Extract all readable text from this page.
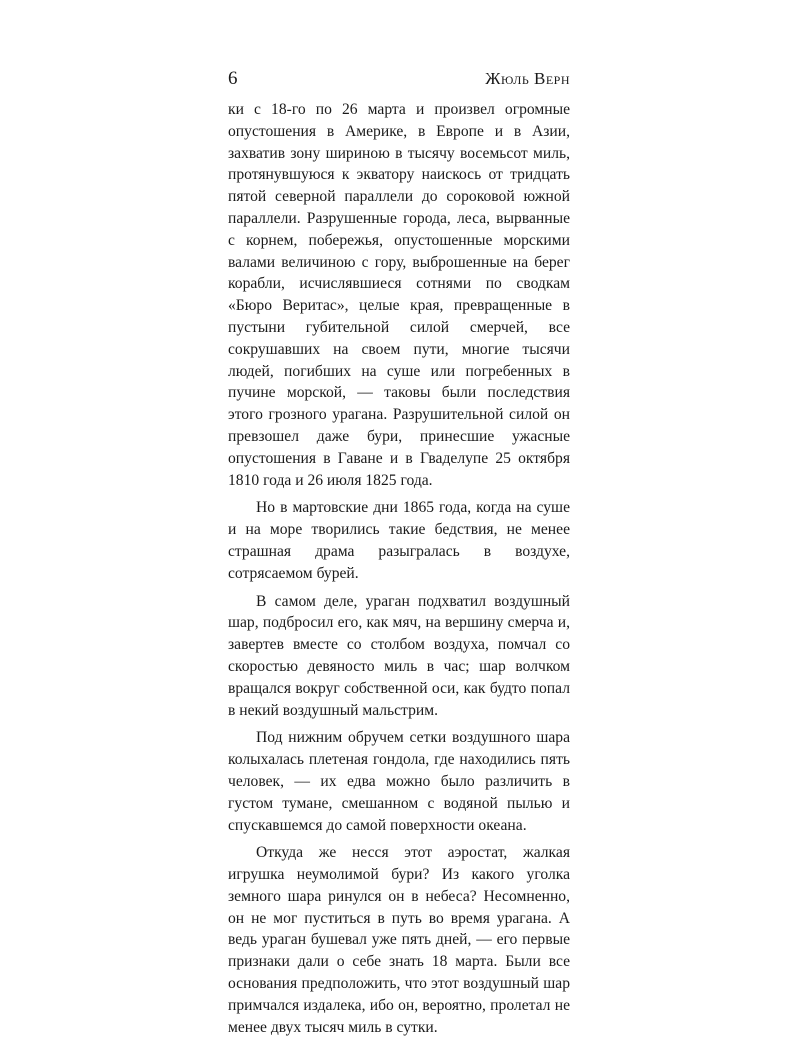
6	Жюль Верн

ки с 18-го по 26 марта и произвел огромные опустошения в Америке, в Европе и в Азии, захватив зону шириною в тысячу восемьсот миль, протянувшуюся к экватору наискось от тридцать пятой северной параллели до сороковой южной параллели. Разрушенные города, леса, вырванные с корнем, побережья, опустошенные морскими валами величиною с гору, выброшенные на берег корабли, исчислявшиеся сотнями по сводкам «Бюро Веритас», целые края, превращенные в пустыни губительной силой смерчей, все сокрушавших на своем пути, многие тысячи людей, погибших на суше или погребенных в пучине морской, — таковы были последствия этого грозного урагана. Разрушительной силой он превзошел даже бури, принесшие ужасные опустошения в Гаване и в Гваделупе 25 октября 1810 года и 26 июля 1825 года.

Но в мартовские дни 1865 года, когда на суше и на море творились такие бедствия, не менее страшная драма разыгралась в воздухе, сотрясаемом бурей.

В самом деле, ураган подхватил воздушный шар, подбросил его, как мяч, на вершину смерча и, завертев вместе со столбом воздуха, помчал со скоростью девяносто миль в час; шар волчком вращался вокруг собственной оси, как будто попал в некий воздушный мальстрим.

Под нижним обручем сетки воздушного шара колыхалась плетеная гондола, где находились пять человек, — их едва можно было различить в густом тумане, смешанном с водяной пылью и спускавшемся до самой поверхности океана.

Откуда же несся этот аэростат, жалкая игрушка неумолимой бури? Из какого уголка земного шара ринулся он в небеса? Несомненно, он не мог пуститься в путь во время урагана. А ведь ураган бушевал уже пять дней, — его первые признаки дали о себе знать 18 марта. Были все основания предположить, что этот воздушный шар примчался издалека, ибо он, вероятно, пролетал не менее двух тысяч миль в сутки.
